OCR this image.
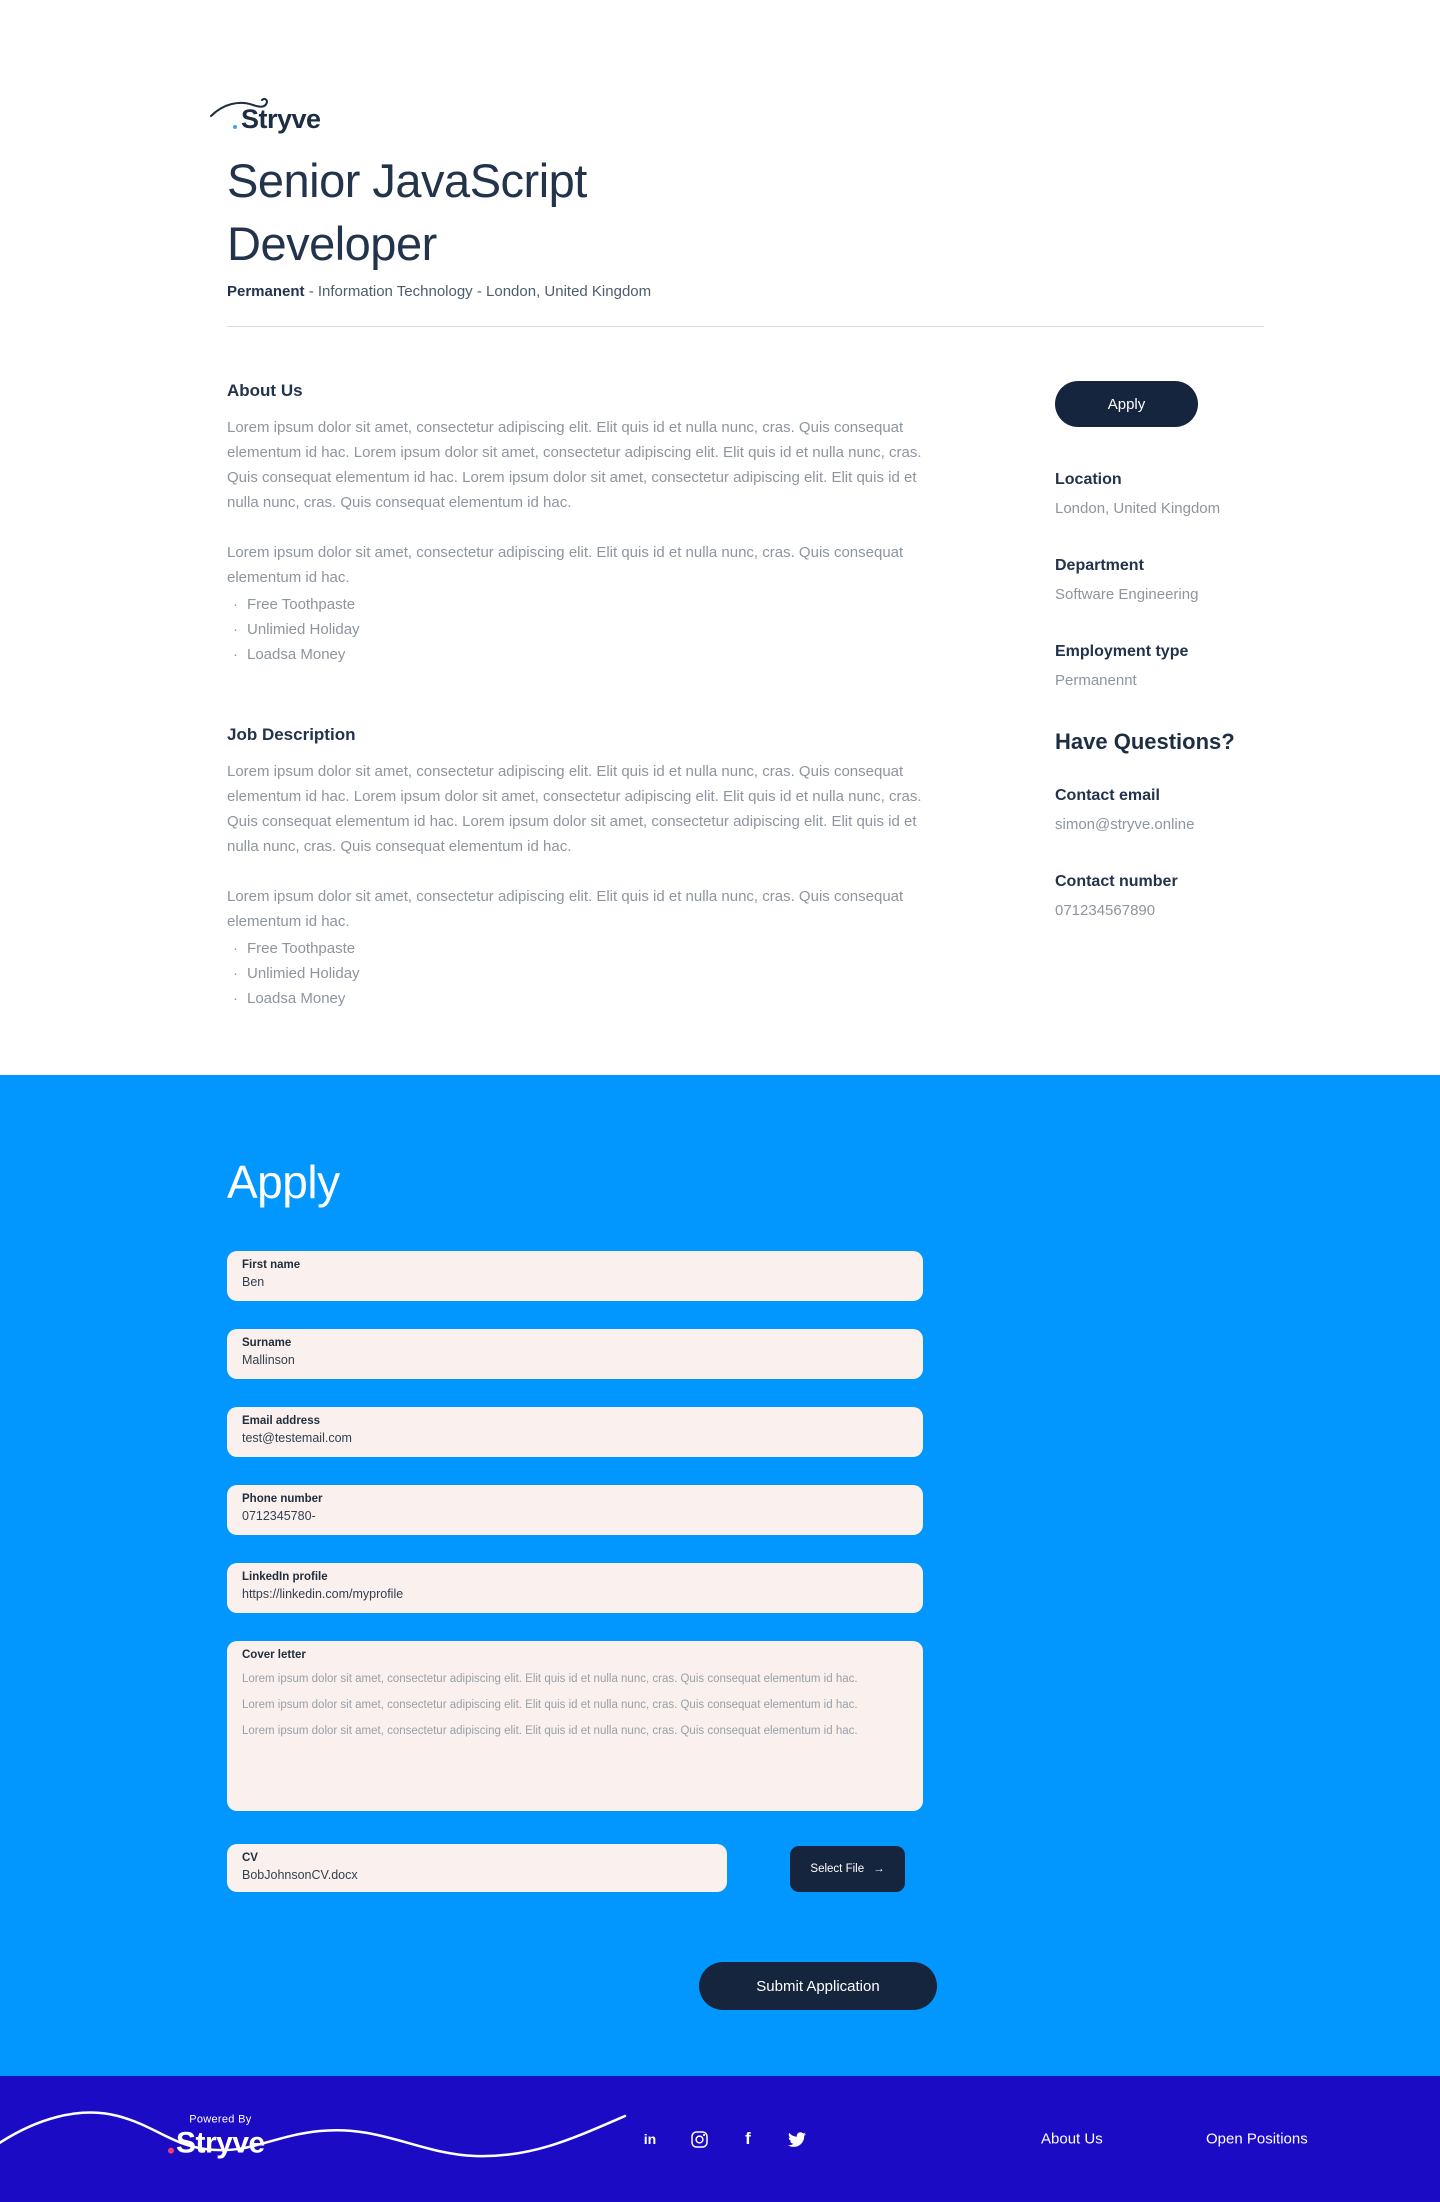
Stryve
Senior JavaScript Developer
Permanent - Information Technology - London, United Kingdom
About Us

Lorem ipsum dolor sit amet, consectetur adipiscing elit. Elit quis id et nulla nunc, cras. Quis consequat elementum id hac. Lorem ipsum dolor sit amet, consectetur adipiscing elit. Elit quis id et nulla nunc, cras. Quis consequat elementum id hac. Lorem ipsum dolor sit amet, consectetur adipiscing elit. Elit quis id et nulla nunc, cras. Quis consequat elementum id hac.

Lorem ipsum dolor sit amet, consectetur adipiscing elit. Elit quis id et nulla nunc, cras. Quis consequat elementum id hac.

· Free Toothpaste
· Unlimied Holiday
· Loadsa Money
Job Description

Lorem ipsum dolor sit amet, consectetur adipiscing elit. Elit quis id et nulla nunc, cras. Quis consequat elementum id hac. Lorem ipsum dolor sit amet, consectetur adipiscing elit. Elit quis id et nulla nunc, cras. Quis consequat elementum id hac. Lorem ipsum dolor sit amet, consectetur adipiscing elit. Elit quis id et nulla nunc, cras. Quis consequat elementum id hac.

Lorem ipsum dolor sit amet, consectetur adipiscing elit. Elit quis id et nulla nunc, cras. Quis consequat elementum id hac.

· Free Toothpaste
· Unlimied Holiday
· Loadsa Money
Apply
Location

London, United Kingdom

Department

Software Engineering

Employment type

Permanennt

Have Questions?
Contact email

simon@stryve.online

Contact number

071234567890

Apply
First name
Ben
Surname
Mallinson
Email address
test@testemail.com
Phone number
0712345780-
LinkedIn profile
https://linkedin.com/myprofile
Cover letter

Lorem ipsum dolor sit amet, consectetur adipiscing elit. Elit quis id et nulla nunc, cras. Quis consequat elementum id hac.

Lorem ipsum dolor sit amet, consectetur adipiscing elit. Elit quis id et nulla nunc, cras. Quis consequat elementum id hac.

Lorem ipsum dolor sit amet, consectetur adipiscing elit. Elit quis id et nulla nunc, cras. Quis consequat elementum id hac.

CV
BobJohnsonCV.docx	Select File →
Submit Application
Powered By
Stryve	in	f	About Us	Open Positions
